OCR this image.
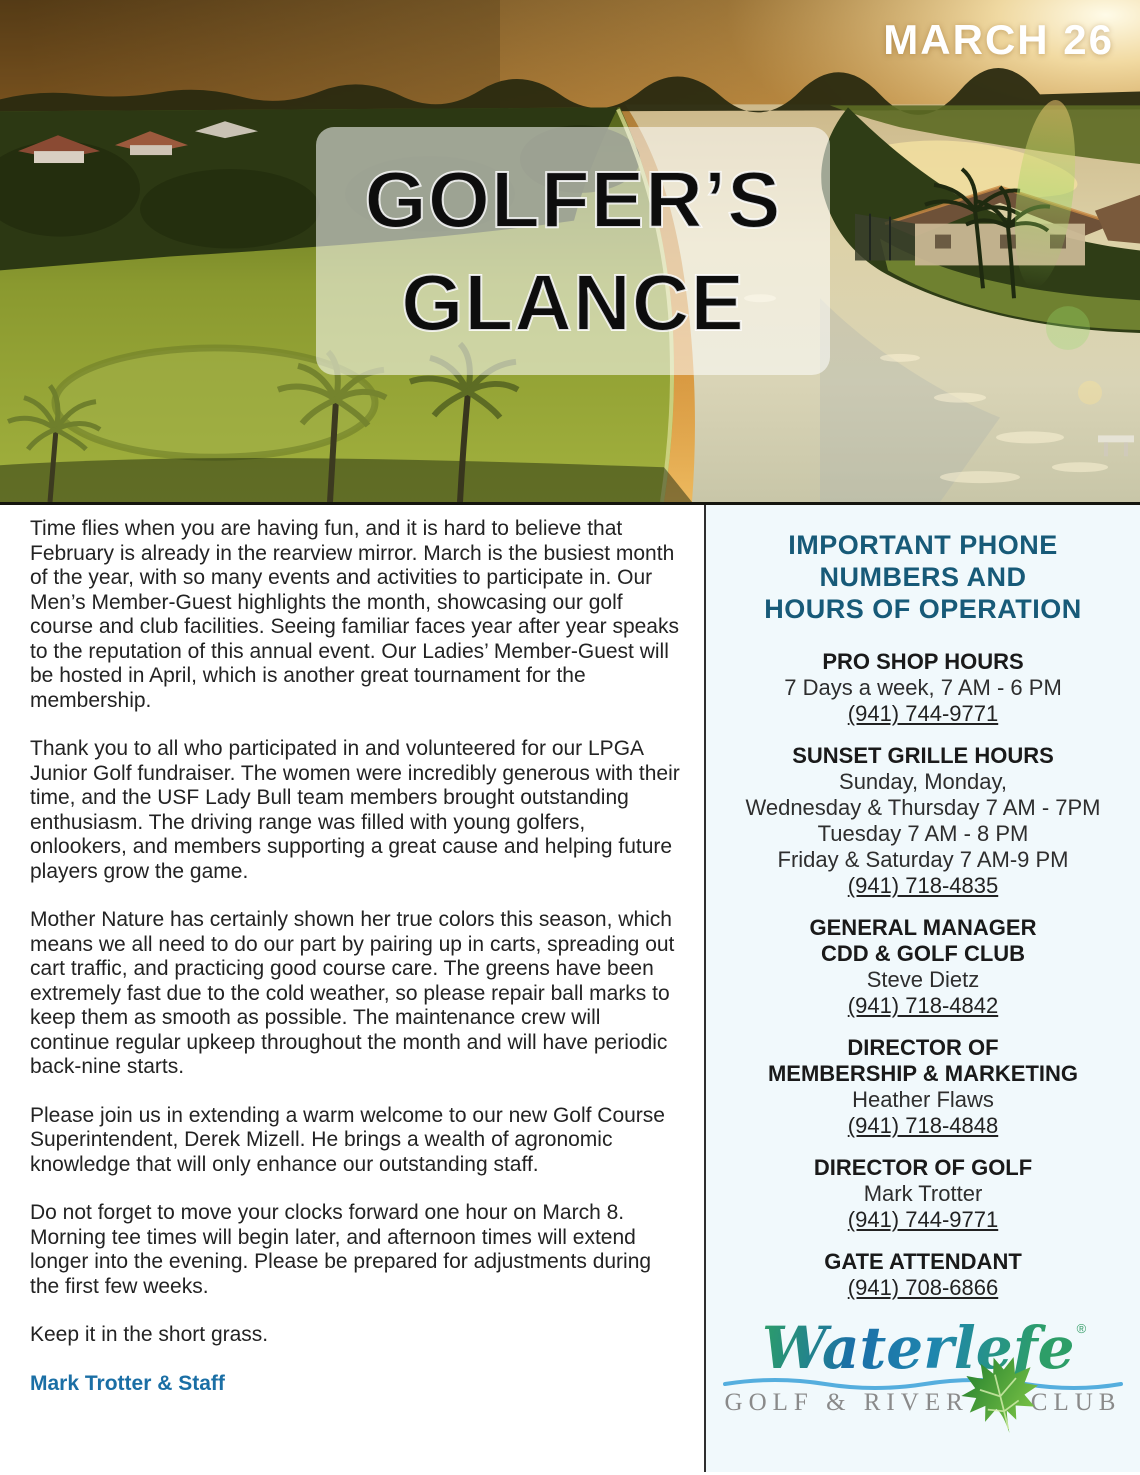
MARCH 26
GOLFER’S
GLANCE

Time flies when you are having fun, and it is hard to believe that February is already in the rearview mirror. March is the busiest month of the year, with so many events and activities to participate in. Our Men’s Member-Guest highlights the month, showcasing our golf course and club facilities. Seeing familiar faces year after year speaks to the reputation of this annual event. Our Ladies’ Member-Guest will be hosted in April, which is another great tournament for the membership.

Thank you to all who participated in and volunteered for our LPGA Junior Golf fundraiser. The women were incredibly generous with their time, and the USF Lady Bull team members brought outstanding enthusiasm. The driving range was filled with young golfers, onlookers, and members supporting a great cause and helping future players grow the game.

Mother Nature has certainly shown her true colors this season, which means we all need to do our part by pairing up in carts, spreading out cart traffic, and practicing good course care. The greens have been extremely fast due to the cold weather, so please repair ball marks to keep them as smooth as possible. The maintenance crew will continue regular upkeep throughout the month and will have periodic back-nine starts.

Please join us in extending a warm welcome to our new Golf Course Superintendent, Derek Mizell. He brings a wealth of agronomic knowledge that will only enhance our outstanding staff.

Do not forget to move your clocks forward one hour on March 8. Morning tee times will begin later, and afternoon times will extend longer into the evening. Please be prepared for adjustments during the first few weeks.

Keep it in the short grass.

Mark Trotter & Staff
IMPORTANT PHONE
NUMBERS AND
HOURS OF OPERATION
PRO SHOP HOURS
7 Days a week, 7 AM - 6 PM
(941) 744-9771
SUNSET GRILLE HOURS
Sunday, Monday,
Wednesday & Thursday 7 AM - 7PM
Tuesday 7 AM - 8 PM
Friday & Saturday 7 AM-9 PM
(941) 718-4835
GENERAL MANAGER
CDD & GOLF CLUB
Steve Dietz
(941) 718-4842
DIRECTOR OF
MEMBERSHIP & MARKETING
Heather Flaws
(941) 718-4848
DIRECTOR OF GOLF
Mark Trotter
(941) 744-9771
GATE ATTENDANT
(941) 708-6866
Waterlefe ®
GOLF & RIVER CLUB
